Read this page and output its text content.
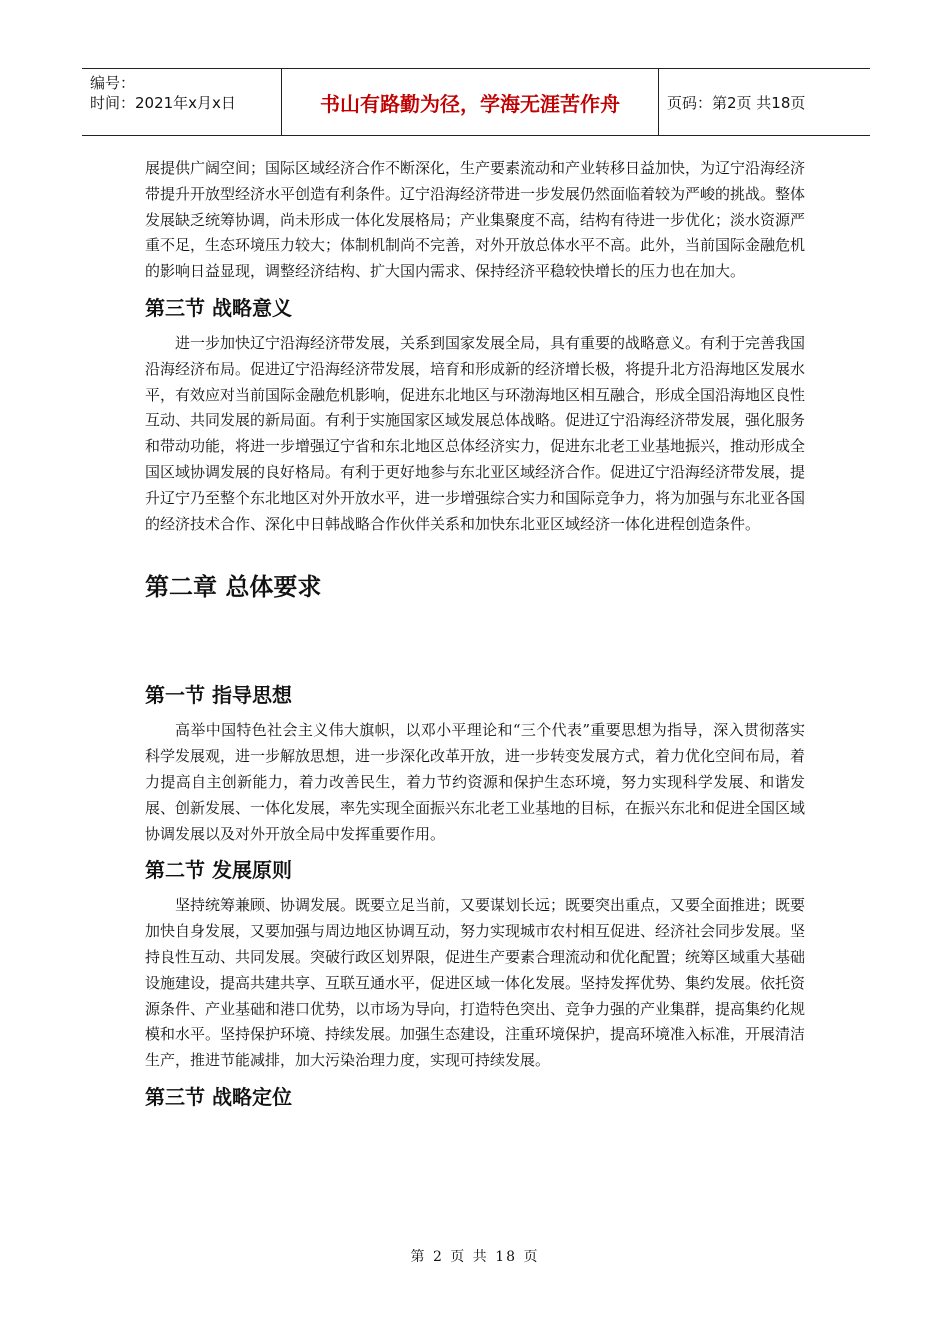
编号：
时间：2021年x月x日	书山有路勤为径，学海无涯苦作舟	页码：第2页 共18页

展提供广阔空间；国际区域经济合作不断深化，生产要素流动和产业转移日益加快，为辽宁沿海经济带提升开放型经济水平创造有利条件。辽宁沿海经济带进一步发展仍然面临着较为严峻的挑战。整体发展缺乏统筹协调，尚未形成一体化发展格局；产业集聚度不高，结构有待进一步优化；淡水资源严重不足，生态环境压力较大；体制机制尚不完善，对外开放总体水平不高。此外，当前国际金融危机的影响日益显现，调整经济结构、扩大国内需求、保持经济平稳较快增长的压力也在加大。

第三节 战略意义

进一步加快辽宁沿海经济带发展，关系到国家发展全局，具有重要的战略意义。有利于完善我国沿海经济布局。促进辽宁沿海经济带发展，培育和形成新的经济增长极，将提升北方沿海地区发展水平，有效应对当前国际金融危机影响，促进东北地区与环渤海地区相互融合，形成全国沿海地区良性互动、共同发展的新局面。有利于实施国家区域发展总体战略。促进辽宁沿海经济带发展，强化服务和带动功能，将进一步增强辽宁省和东北地区总体经济实力，促进东北老工业基地振兴，推动形成全国区域协调发展的良好格局。有利于更好地参与东北亚区域经济合作。促进辽宁沿海经济带发展，提升辽宁乃至整个东北地区对外开放水平，进一步增强综合实力和国际竞争力，将为加强与东北亚各国的经济技术合作、深化中日韩战略合作伙伴关系和加快东北亚区域经济一体化进程创造条件。

第二章 总体要求
第一节 指导思想

高举中国特色社会主义伟大旗帜，以邓小平理论和“三个代表”重要思想为指导，深入贯彻落实科学发展观，进一步解放思想，进一步深化改革开放，进一步转变发展方式，着力优化空间布局，着力提高自主创新能力，着力改善民生，着力节约资源和保护生态环境，努力实现科学发展、和谐发展、创新发展、一体化发展，率先实现全面振兴东北老工业基地的目标，在振兴东北和促进全国区域协调发展以及对外开放全局中发挥重要作用。

第二节 发展原则

坚持统筹兼顾、协调发展。既要立足当前，又要谋划长远；既要突出重点，又要全面推进；既要加快自身发展，又要加强与周边地区协调互动，努力实现城市农村相互促进、经济社会同步发展。坚持良性互动、共同发展。突破行政区划界限，促进生产要素合理流动和优化配置；统筹区域重大基础设施建设，提高共建共享、互联互通水平，促进区域一体化发展。坚持发挥优势、集约发展。依托资源条件、产业基础和港口优势，以市场为导向，打造特色突出、竞争力强的产业集群，提高集约化规模和水平。坚持保护环境、持续发展。加强生态建设，注重环境保护，提高环境准入标准，开展清洁生产，推进节能减排，加大污染治理力度，实现可持续发展。

第三节 战略定位
第 2 页 共 18 页
